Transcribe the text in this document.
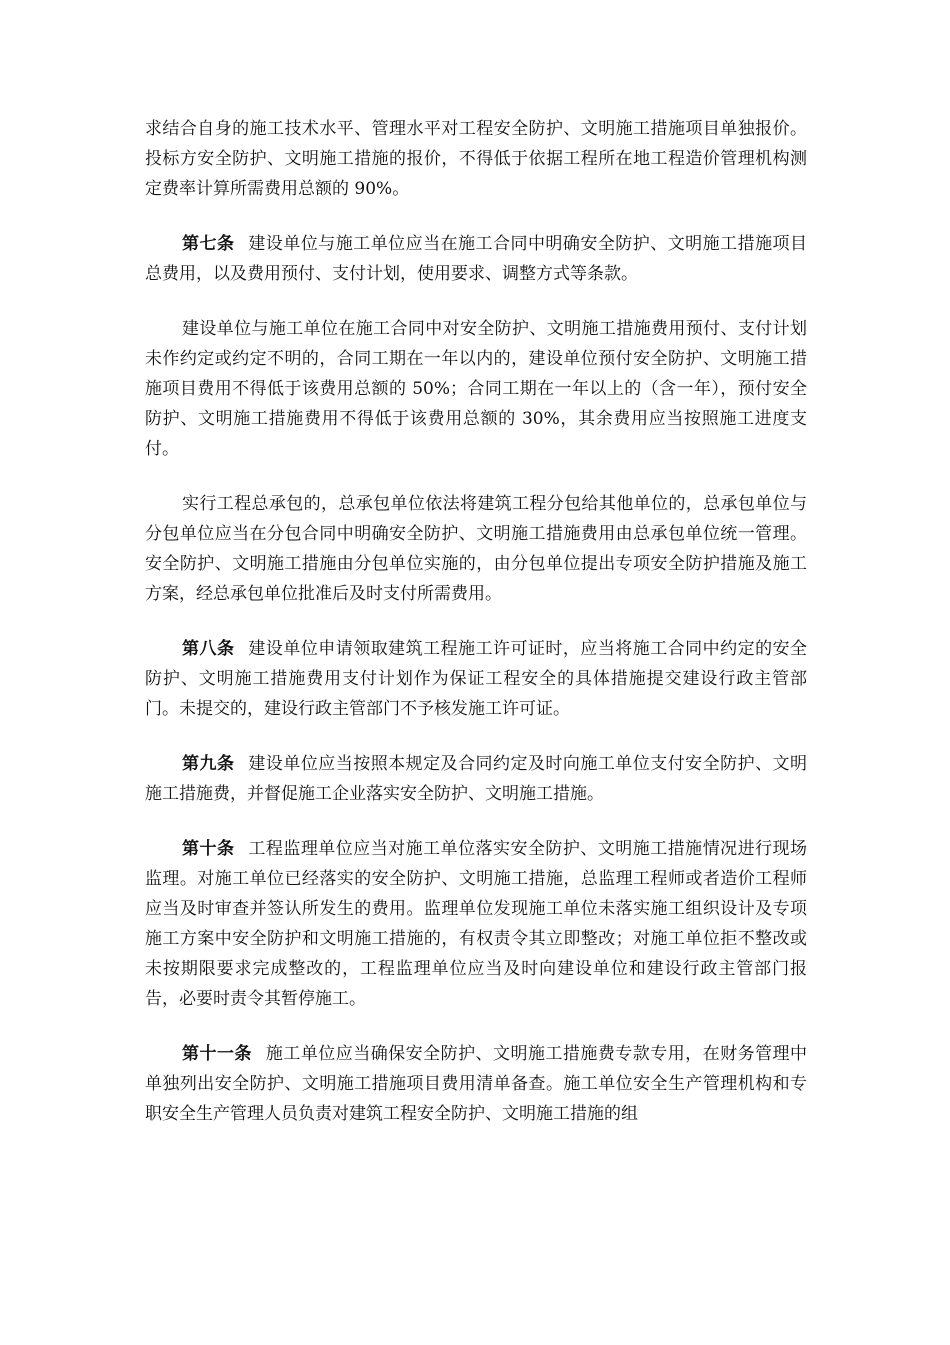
求结合自身的施工技术水平、管理水平对工程安全防护、文明施工措施项目单独报价。投标方安全防护、文明施工措施的报价，不得低于依据工程所在地工程造价管理机构测定费率计算所需费用总额的 90%。

第七条 建设单位与施工单位应当在施工合同中明确安全防护、文明施工措施项目总费用，以及费用预付、支付计划，使用要求、调整方式等条款。

建设单位与施工单位在施工合同中对安全防护、文明施工措施费用预付、支付计划未作约定或约定不明的，合同工期在一年以内的，建设单位预付安全防护、文明施工措施项目费用不得低于该费用总额的 50%；合同工期在一年以上的（含一年），预付安全防护、文明施工措施费用不得低于该费用总额的 30%，其余费用应当按照施工进度支付。

实行工程总承包的，总承包单位依法将建筑工程分包给其他单位的，总承包单位与分包单位应当在分包合同中明确安全防护、文明施工措施费用由总承包单位统一管理。安全防护、文明施工措施由分包单位实施的，由分包单位提出专项安全防护措施及施工方案，经总承包单位批准后及时支付所需费用。

第八条 建设单位申请领取建筑工程施工许可证时，应当将施工合同中约定的安全防护、文明施工措施费用支付计划作为保证工程安全的具体措施提交建设行政主管部门。未提交的，建设行政主管部门不予核发施工许可证。

第九条 建设单位应当按照本规定及合同约定及时向施工单位支付安全防护、文明施工措施费，并督促施工企业落实安全防护、文明施工措施。

第十条 工程监理单位应当对施工单位落实安全防护、文明施工措施情况进行现场监理。对施工单位已经落实的安全防护、文明施工措施，总监理工程师或者造价工程师应当及时审查并签认所发生的费用。监理单位发现施工单位未落实施工组织设计及专项施工方案中安全防护和文明施工措施的，有权责令其立即整改；对施工单位拒不整改或未按期限要求完成整改的，工程监理单位应当及时向建设单位和建设行政主管部门报告，必要时责令其暂停施工。

第十一条 施工单位应当确保安全防护、文明施工措施费专款专用，在财务管理中单独列出安全防护、文明施工措施项目费用清单备查。施工单位安全生产管理机构和专职安全生产管理人员负责对建筑工程安全防护、文明施工措施的组
